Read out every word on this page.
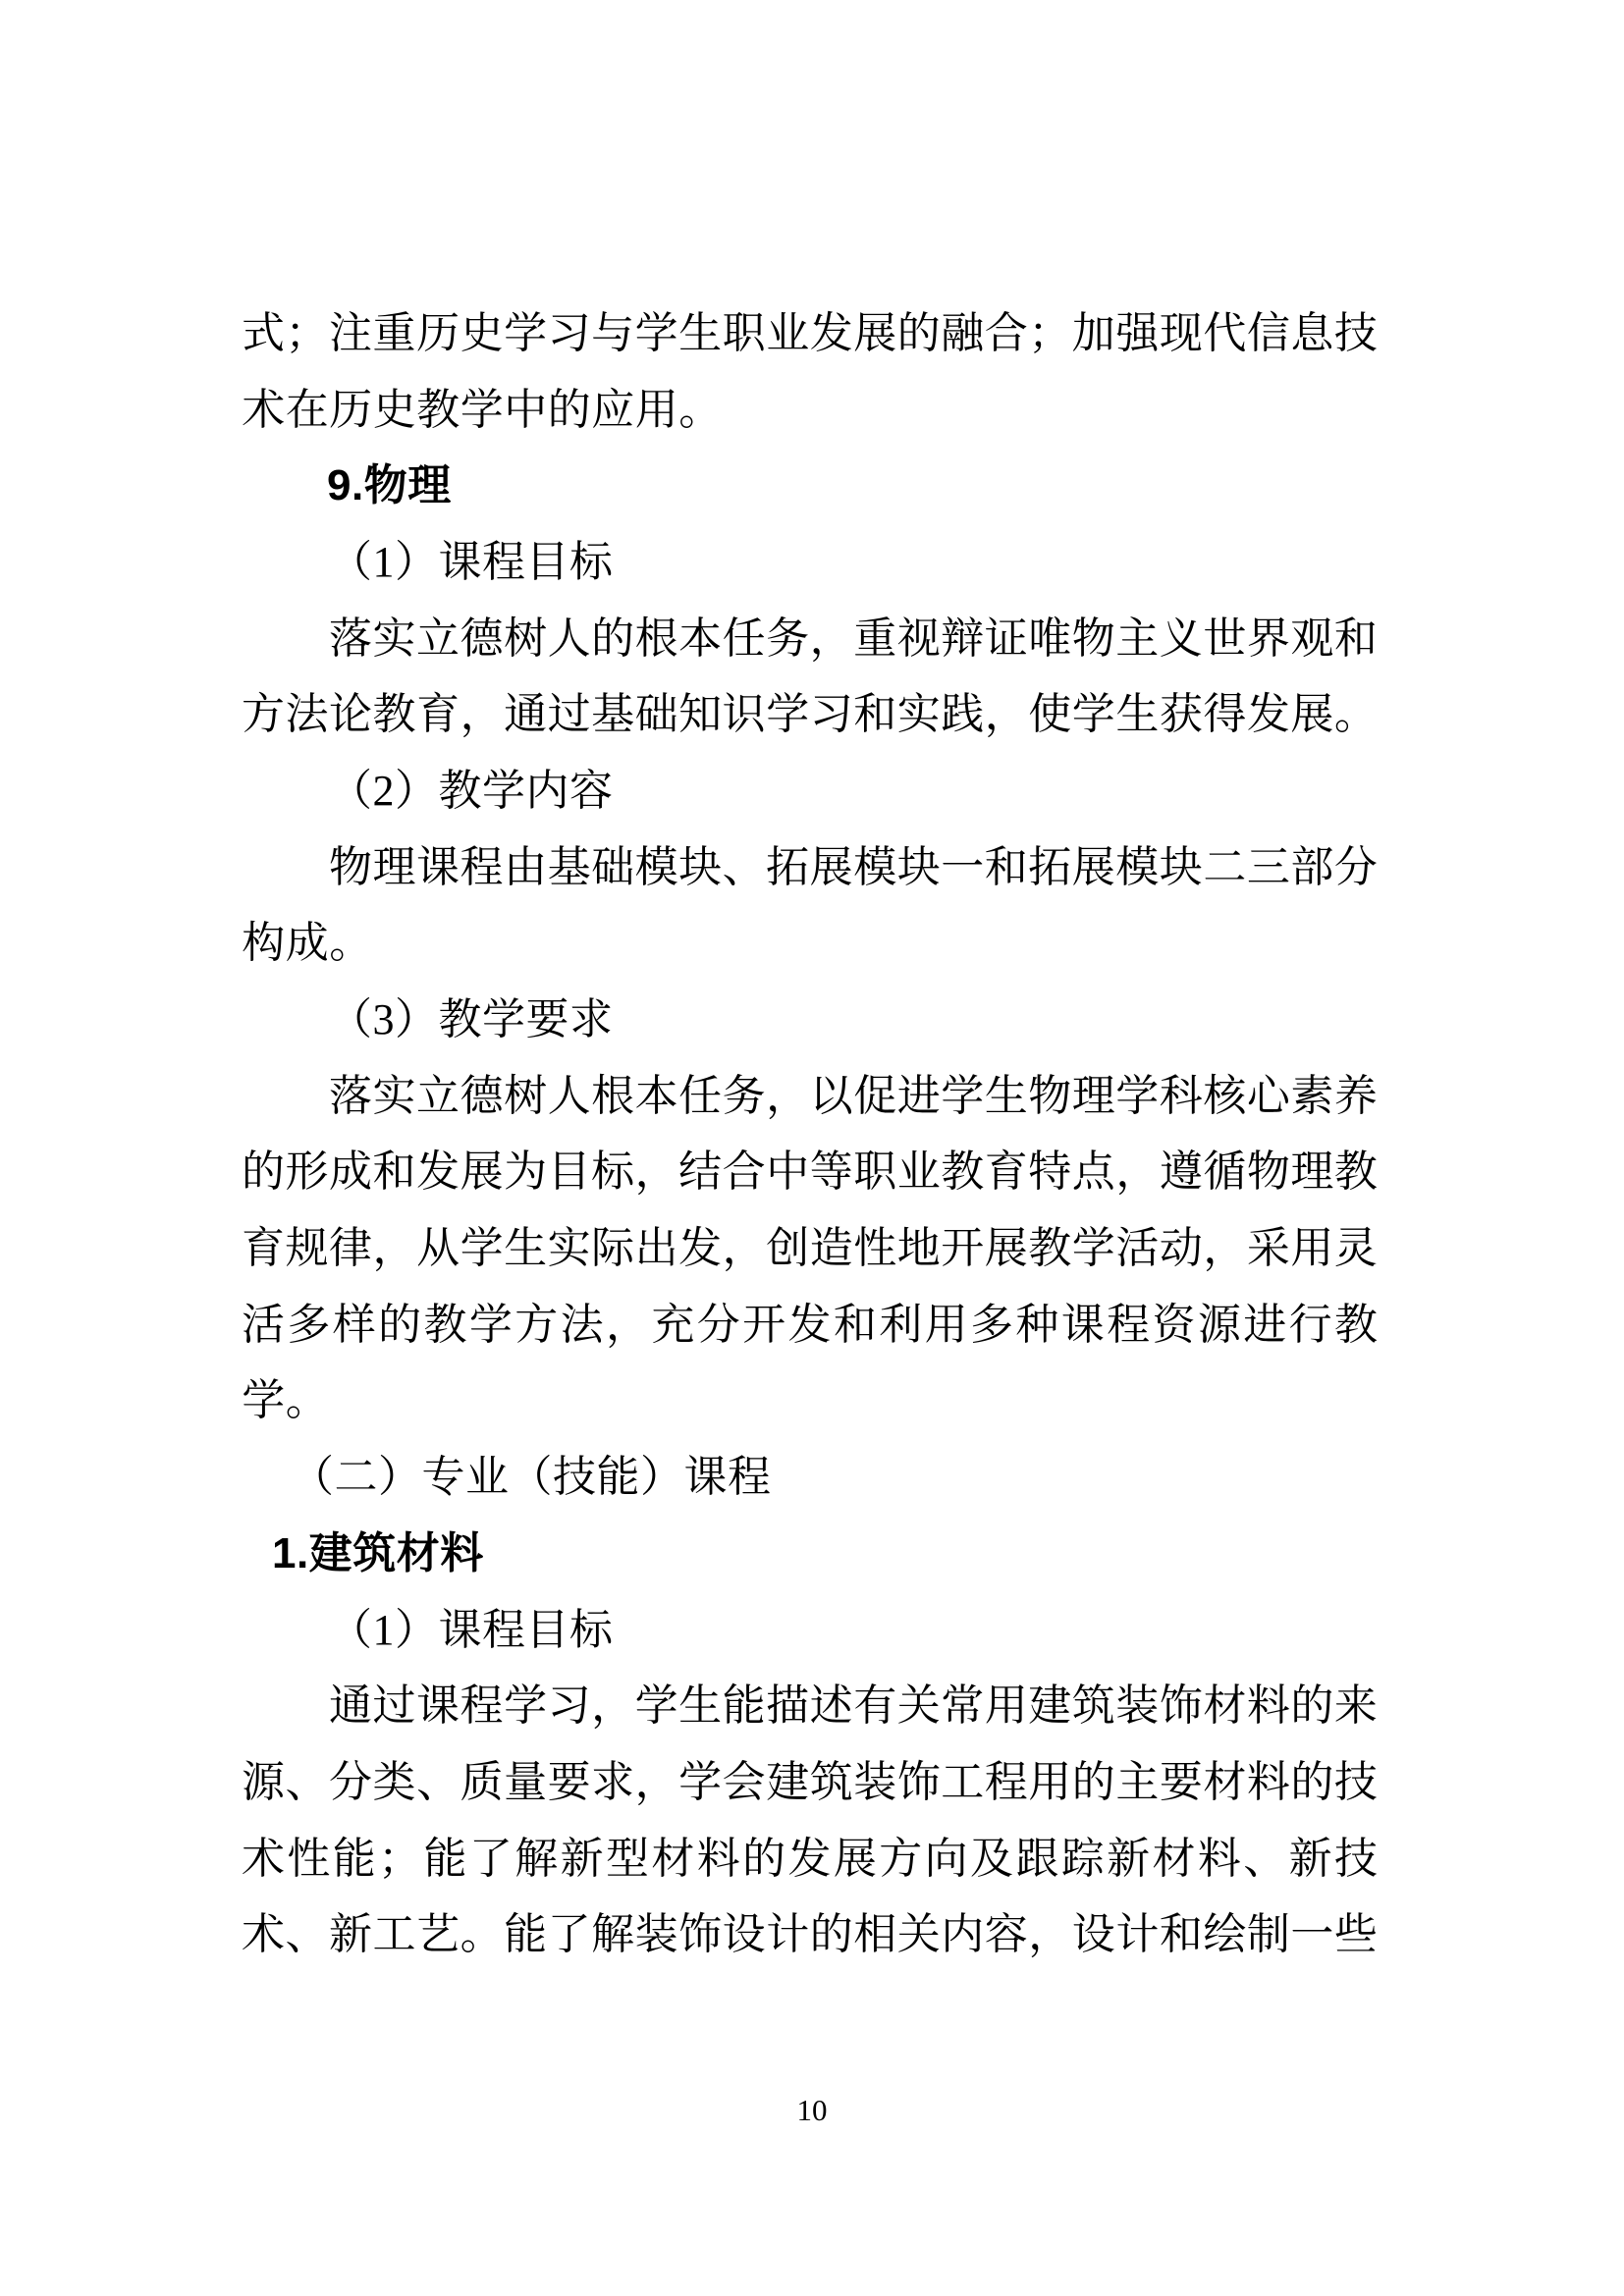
式 ； 注 重 历 史 学 习 与 学 生 职 业 发 展 的 融 合 ； 加 强 现 代 信 息 技
术 在 历 史 教 学 中 的 应 用 。
9.物理
（1）课程目标
落 实 立 德 树 人 的 根 本 任 务 ， 重 视 辩 证 唯 物 主 义 世 界 观 和
方 法 论 教 育 ， 通 过 基 础 知 识 学 习 和 实 践 ， 使 学 生 获 得 发 展 。
（2）教学内容
物 理 课 程 由 基 础 模 块 、 拓 展 模 块 一 和 拓 展 模 块 二 三 部 分
构 成 。
（3）教学要求
落 实 立 德 树 人 根 本 任 务 ， 以 促 进 学 生 物 理 学 科 核 心 素 养
的 形 成 和 发 展 为 目 标 ， 结 合 中 等 职 业 教 育 特 点 ， 遵 循 物 理 教
育 规 律 ， 从 学 生 实 际 出 发 ， 创 造 性 地 开 展 教 学 活 动 ， 采 用 灵
活 多 样 的 教 学 方 法 ， 充 分 开 发 和 利 用 多 种 课 程 资 源 进 行 教
学 。
（二）专业（技能）课程
1.建筑材料
（1）课程目标
通 过 课 程 学 习 ， 学 生 能 描 述 有 关 常 用 建 筑 装 饰 材 料 的 来
源 、 分 类 、 质 量 要 求 ， 学 会 建 筑 装 饰 工 程 用 的 主 要 材 料 的 技
术 性 能 ； 能 了 解 新 型 材 料 的 发 展 方 向 及 跟 踪 新 材 料 、 新 技
术 、 新 工 艺 。 能 了 解 装 饰 设 计 的 相 关 内 容 ， 设 计 和 绘 制 一 些
10
